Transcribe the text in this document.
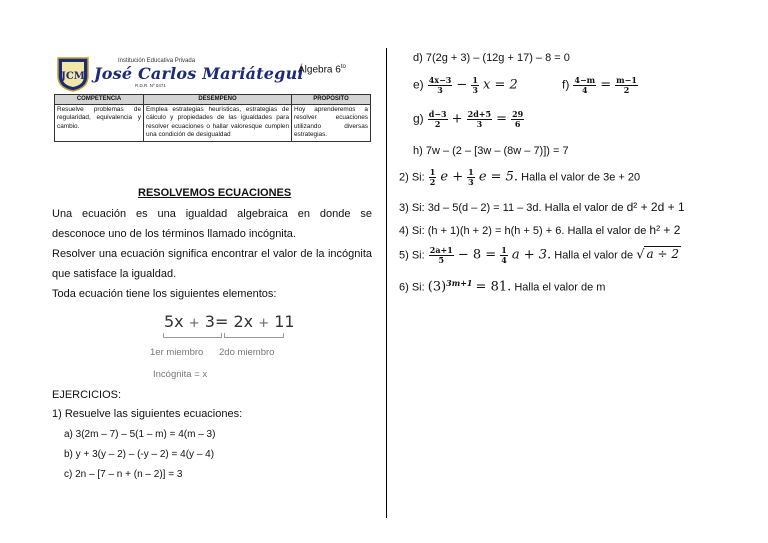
JCM
Institución Educativa Privada
José Carlos Mariátegui
R.D.R. Nº 0471
Álgebra $6^{to}$
COMPETENCIA	DESEMPEÑO	PROPÓSITO
Resuelve problemas de regularidad, equivalencia y cambio.	Emplea estrategias heurísticas, estrategias de cálculo y propiedades de las igualdades para resolver ecuaciones o hallar valoresque cumplen una condición de desigualdad	Hoy aprenderemos a resolver ecuaciones utilizando diversas estrategias.
RESOLVEMOS ECUACIONES
Una ecuación es una igualdad algebraica en donde se desconoce uno de los términos llamado incógnita.
Resolver una ecuación significa encontrar el valor de la incógnita que satisface la igualdad.
Toda ecuación tiene los siguientes elementos:
5x + 3= 2x + 11
1er miembro 2do miembro
Incógnita = x
EJERCICIOS:
1) Resuelve las siguientes ecuaciones:
a) 3(2m – 7) – 5(1 – m) = 4(m – 3)
b) y + 3(y – 2) – (-y – 2) = 4(y – 4)
c) 2n – [7 – n + (n – 2)] = 3
d) 7(2g + 3) – (12g + 17) – 8 = 0
$e) \frac{4x-3}{3} - \frac{1}{3}$ x = 2	$f) \frac{4-m}{4} = \frac{m-1}{2}$
$g) \frac{d-3}{2} + \frac{2d+5}{3} = \frac{29}{6}$
h) 7w – (2 – [3w – (8w – 7)]) = 7
2) Si: $\frac{1}{2}$ $e + \frac{1}{3}$ e = 5. Halla el valor de 3e + 20
3) Si: 3d – 5(d – 2) = 11 – 3d. Halla el valor de d² + 2d + 1
4) Si: (h + 1)(h + 2) = h(h + 5) + 6. Halla el valor de h² + 2
5) Si: $\frac{2a+1}{5} - 8 = \frac{1}{4}$ a + 3. Halla el valor de √ a ÷ 2
6) Si: $(3)^{3m+1} = 81$. Halla el valor de m
